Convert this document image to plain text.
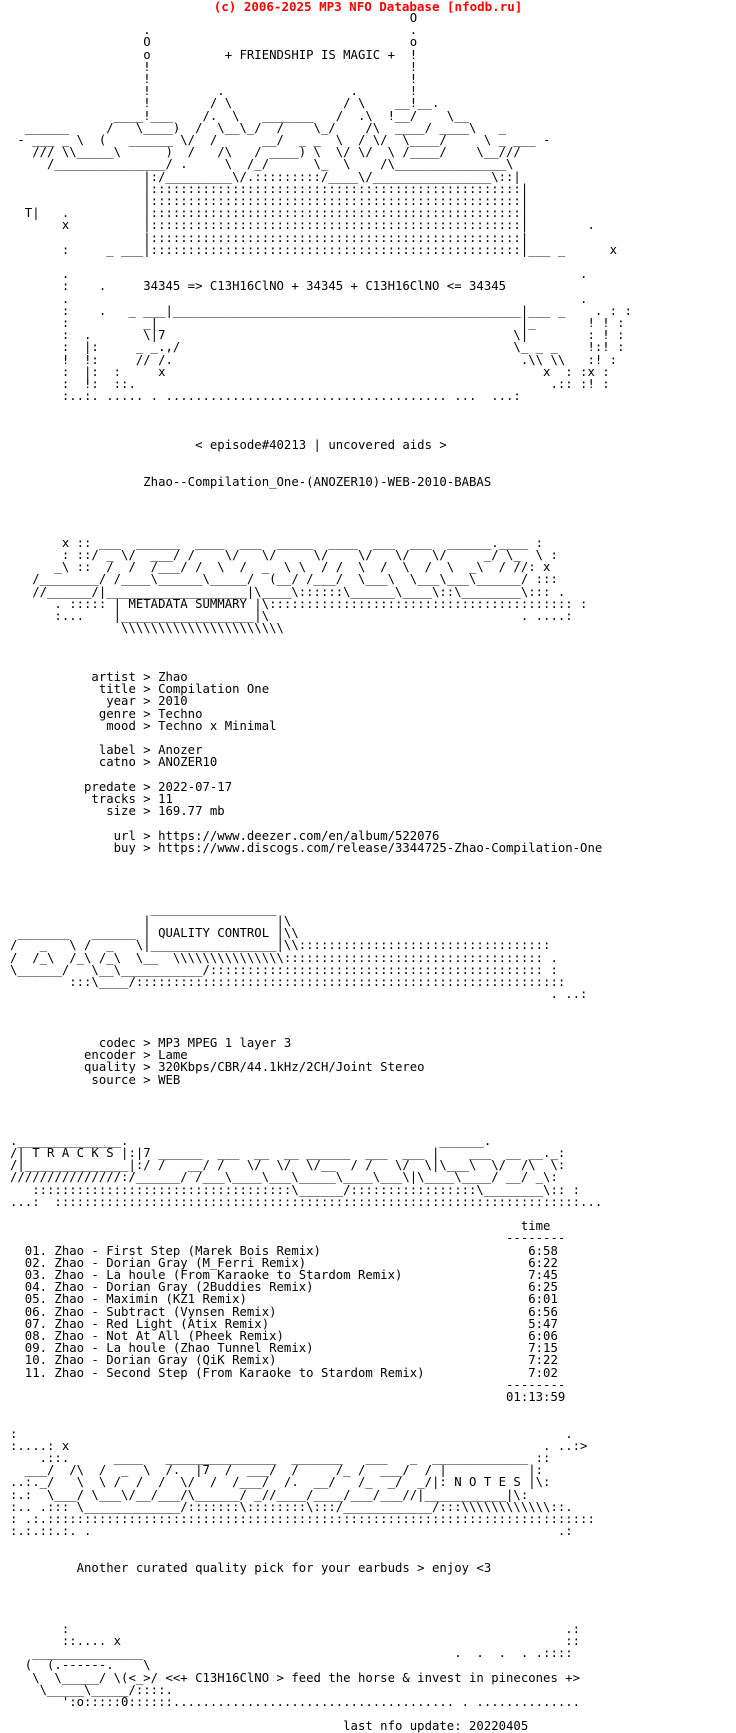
(c) 2006-2025 MP3 NFO Database [nfodb.ru]
O
.                                   .
O                                   o
o          + FRIENDSHIP IS MAGIC +  !
!                                   !
!                                   !
!         .                 .       !
!        / \               / \    __!__.
____!___    /.  \   _______   /  .\  !__/    \__
______     /   \____)  /  \__\_/  /    \_/    /\  ____/ ____\   _
- ___ _ \  (   ______ \/  /      __/  _ _  \  / \/  \____/     \ _ ___ -
/// \\_____\      )  /   /\   / ____) \  \/ \/  \ /____/    \__///
/_______________/ .     \  /_/      \_  \    /\_______________\
|:/_________\/.:::::::::/____\/________________\::|
|::::::::::::::::::::::::::::::::::::::::::::::::::|
|::::::::::::::::::::::::::::::::::::::::::::::::::|
T|   .          |::::::::::::::::::::::::::::::::::::::::::::::::::|
x          |::::::::::::::::::::::::::::::::::::::::::::::::::|        .
|::::::::::::::::::::::::::::::::::::::::::::::::::|
:     _ ___|::::::::::::::::::::::::::::::::::::::::::::::::::|___ _      x

.                                                                     .
:    .     34345 => C13H16ClNO + 34345 + C13H16ClNO <= 34345
.                                                                     .
:    .   _ ___|_______________________________________________|___ _    . : :
:          _|                                                 |_       ! ! :
:  .       \|7                                               \|        : ! :
:  |:     _ _.,/                                             \_ _ _    !:! :
!  !:     // /.                                               .\\ \\   :! :
:  |:  :     x                                                   x  : :x :
:  !:  ::.                                                        .:: :! :
:..:. ..... . ...................................... ...  ...:

< episode#40213 | uncovered aids >

Zhao--Compilation_One-(ANOZER10)-WEB-2010-BABAS

x :: ___  ______  ____  ___  _____  ____  ___  ___  ______.____ :
: ::/ _ \/  ___/ /    \/   \/     \/    \/   \/   \/     _/ \_  \ :
_\ ::  /  /  /___/ /  \  /  _  \ \  / /  \  /  \  /  \  _\  / //: x
/________/ /____\______\_____/  (__/ /___/  \___\  \___\___\______/ :::
//______/|___________________|\____\::::::\______\____\::\________\::: .
. ::::: | METADATA SUMMARY |\::::::::::::::::::::::::::::::::::::::::: :
:...    |__________________|\                                  . ....:
\\\\\\\\\\\\\\\\\\\\\\

artist > Zhao
title > Compilation One
year > 2010
genre > Techno
mood > Techno x Minimal

label > Anozer
catno > ANOZER10

predate > 2022-07-17
tracks > 11
size > 169.77 mb

url > https://www.deezer.com/en/album/522076
buy > https://www.discogs.com/release/3344725-Zhao-Compilation-One

_________________
|                 |\
_______   ______ | QUALITY CONTROL |\\
/   _   \ /  _   \|_________________|\\::::::::::::::::::::::::::::::::::
/  /_\  /_\ /_\  \__  \\\\\\\\\\\\\\\::::::::::::::::::::::::::::::::::: .
\______/   \__\___________/::::::::::::::::::::::::::::::::::::::::::::: :
:::\____/::::::::::::::::::::::::::::::::::::::::::::::::::::::::::
. ..:

codec > MP3 MPEG 1 layer 3
encoder > Lame
quality > 320Kbps/CBR/44.1kHz/2CH/Joint Stereo
source > WEB

.______________.                                          ______.
/| T R A C K S |:|7 ______  ___  __  __ ______  ___  ___ |    ___  __ __._:
/|______________|:/ /   __/ /   \/  \/  \/__  / /   \/  \|\___\  \/  /\  \:
///////////////:/______/ /___\____\___\_____\____\___\|\____\____/ __/ _\:
:::::::::::::::::::::::::::::::::::\______/:::::::::::::::::\________\:: :
...:  :::::::::::::::::::::::::::::::::::::::::::::::::::::::::::::::::::::::...

time
--------
01. Zhao - First Step (Marek Bois Remix)                            6:58
02. Zhao - Dorian Gray (M_Ferri Remix)                              6:22
03. Zhao - La houle (From Karaoke to Stardom Remix)                 7:45
04. Zhao - Dorian Gray (2Buddies Remix)                             6:25
05. Zhao - Maximin (KZ1 Remix)                                      6:01
06. Zhao - Subtract (Vynsen Remix)                                  6:56
07. Zhao - Red Light (Atix Remix)                                   5:47
08. Zhao - Not At All (Pheek Remix)                                 6:06
09. Zhao - La houle (Zhao Tunnel Remix)                             7:15
10. Zhao - Dorian Gray (QiK Remix)                                  7:22
11. Zhao - Second Step (From Karaoke to Stardom Remix)              7:02
--------
01:13:59

:                                                                          .
:....: x                                                                . ..:>
.::.      ____   _______________  _______   ___   _  _____________ ::
___/  /\  /  _  \  /.  |7  /  ___/  /     /_ /  ___/  / |           |:
..:._/   \  \ /  /  /  \/  /  /___/  /.  __/   /_  _/  _/|: N O T E S |\:
:.:  \___/ \___\/__/___/\______/ _//____/____/___/___//|___________|\:
:.. .::: \_____________/:::::::\::::::::\:::/____________/:::\\\\\\\\\\\\::.
: .:.::::::::::::::::::::::::::::::::::::::::::::::::::::::::::::::::::::::::::
:.:.::.:. .                                                               .:

Another curated quality pick for your earbuds > enjoy <3

:                                                                   .:
::.... x                                                            ::
_______________                                          .  .  .  . .::::
(  (.------.    \
\  \_____/ \(<_>/ <<+ C13H16ClNO > feed the horse & invest in pinecones +>
\_____\_____/::::.
':o:::::0::::::...................................... . ..............

last nfo update: 20220405
